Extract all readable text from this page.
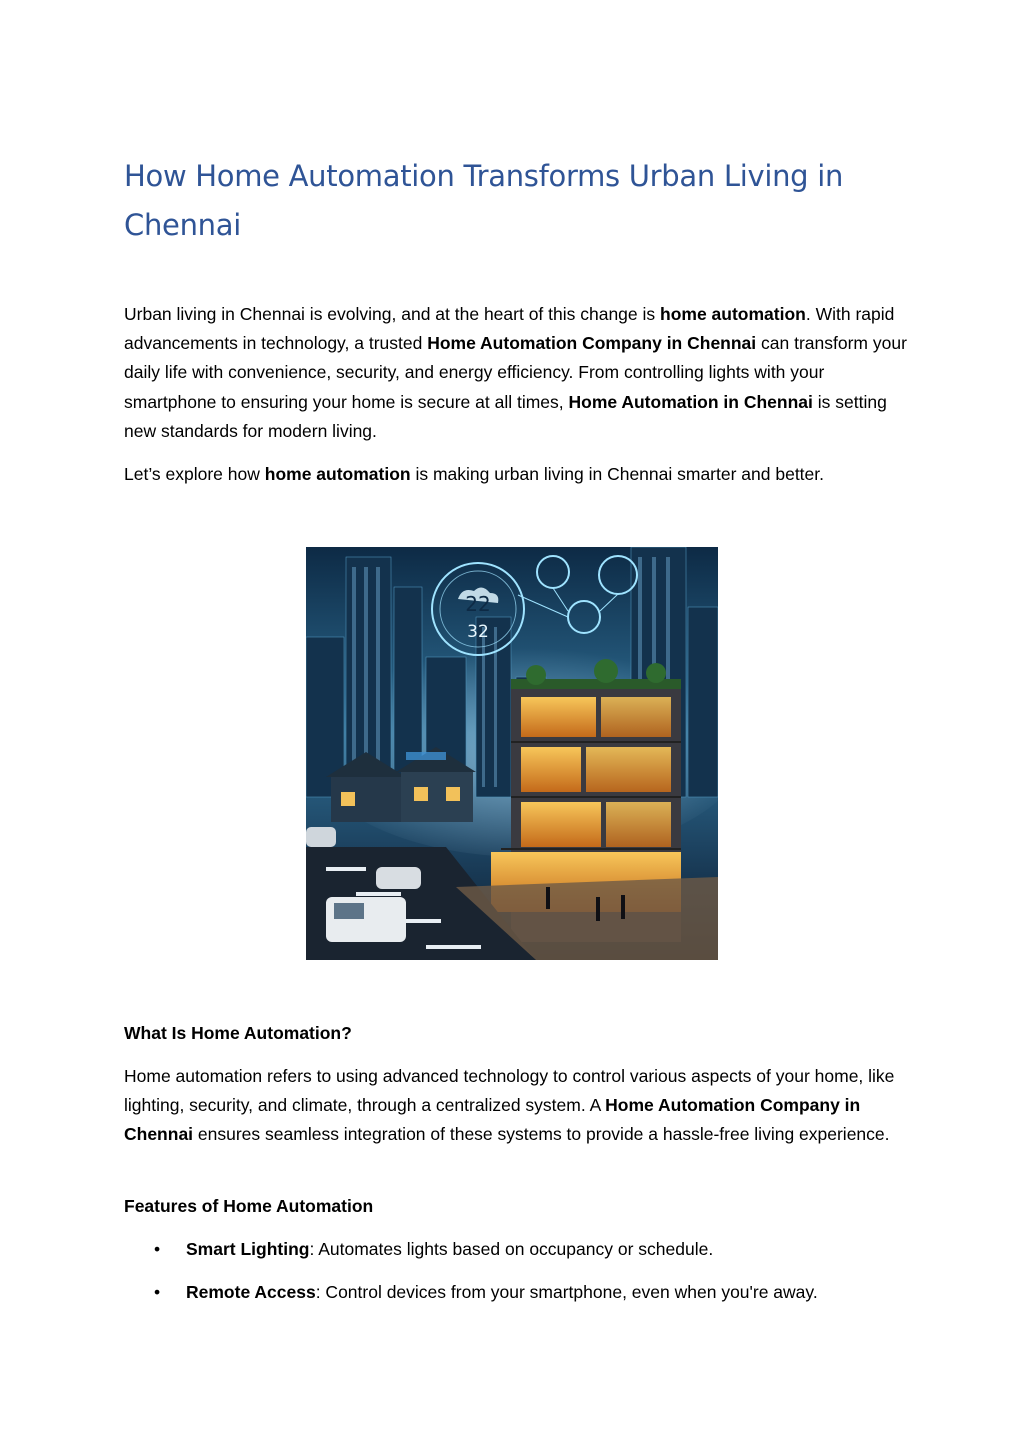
How Home Automation Transforms Urban Living in Chennai

Urban living in Chennai is evolving, and at the heart of this change is home automation. With rapid advancements in technology, a trusted Home Automation Company in Chennai can transform your daily life with convenience, security, and energy efficiency. From controlling lights with your smartphone to ensuring your home is secure at all times, Home Automation in Chennai is setting new standards for modern living.

Let’s explore how home automation is making urban living in Chennai smarter and better.

22
32
What Is Home Automation?

Home automation refers to using advanced technology to control various aspects of your home, like lighting, security, and climate, through a centralized system. A Home Automation Company in Chennai ensures seamless integration of these systems to provide a hassle-free living experience.

Features of Home Automation
• Smart Lighting: Automates lights based on occupancy or schedule.
• Remote Access: Control devices from your smartphone, even when you're away.
